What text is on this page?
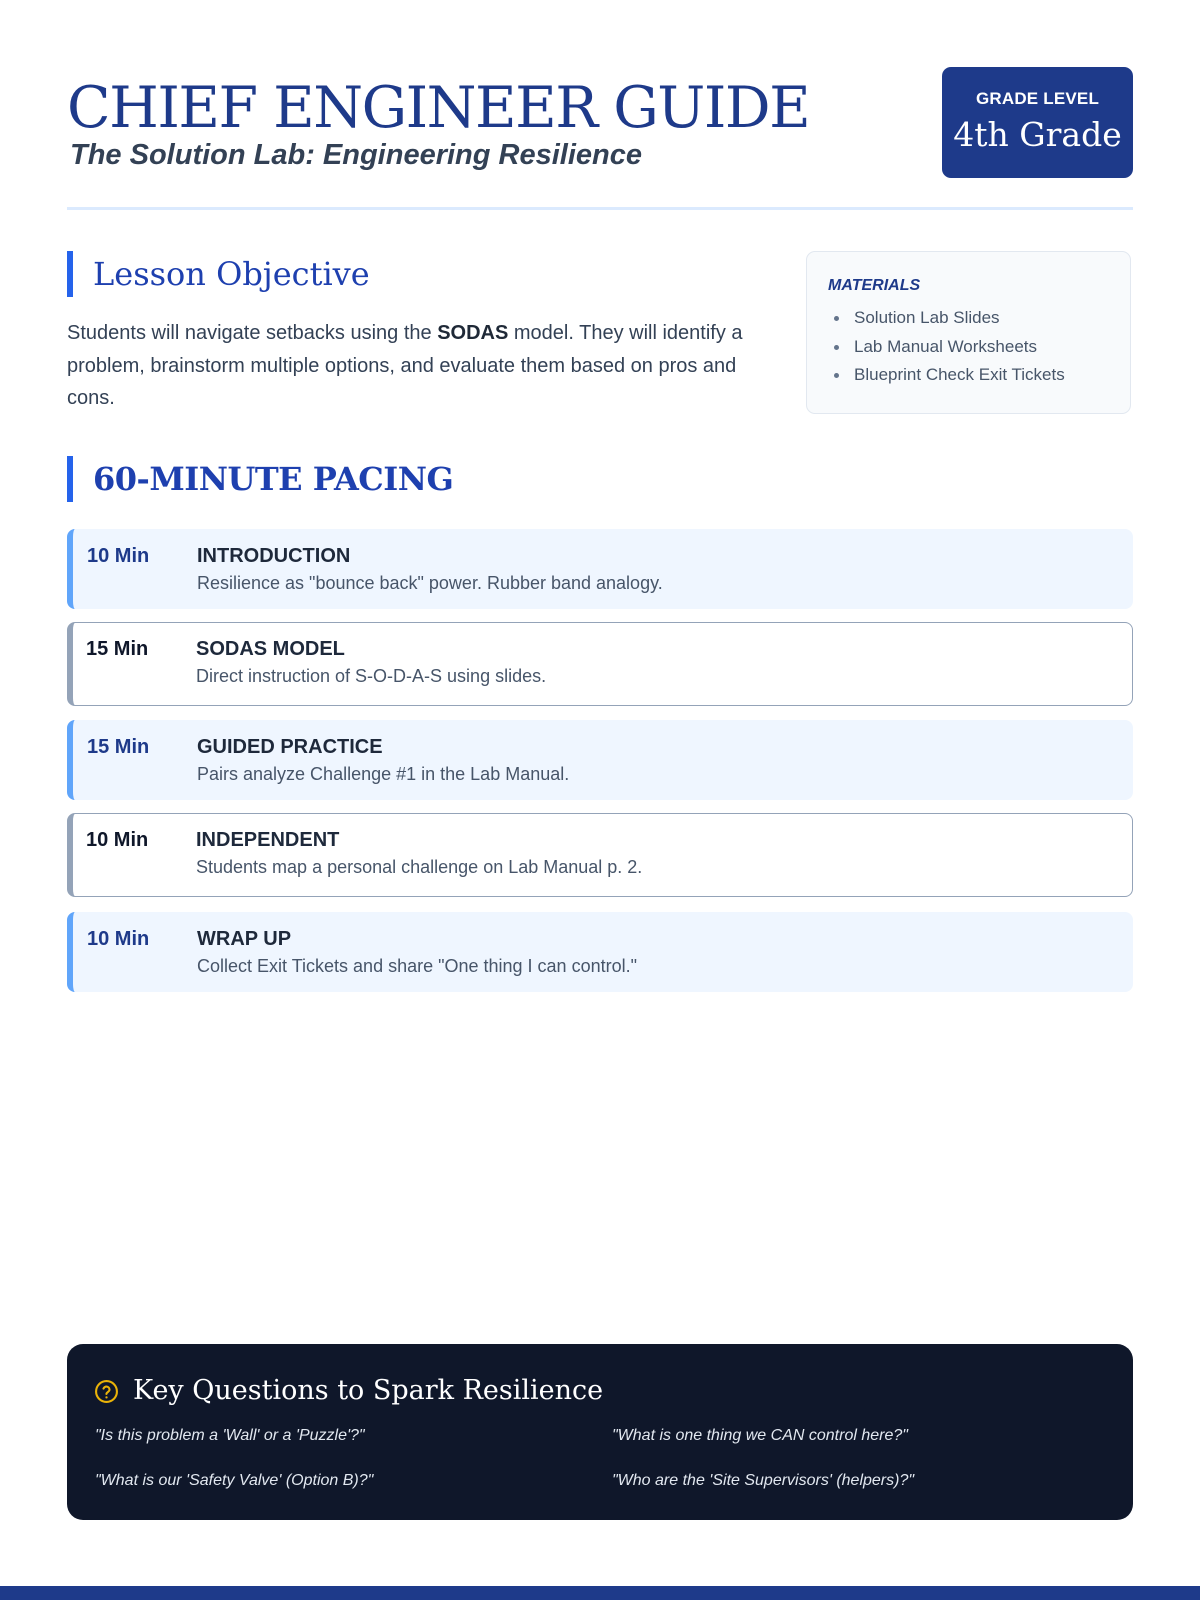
CHIEF ENGINEER GUIDE
The Solution Lab: Engineering Resilience
GRADE LEVEL
4th Grade
Lesson Objective

Students will navigate setbacks using the SODAS model. They will identify a problem, brainstorm multiple options, and evaluate them based on pros and cons.

MATERIALS
Solution Lab Slides
Lab Manual Worksheets
Blueprint Check Exit Tickets
60-MINUTE PACING
10 Min INTRODUCTION
Resilience as "bounce back" power. Rubber band analogy.
15 Min SODAS MODEL
Direct instruction of S-O-D-A-S using slides.
15 Min GUIDED PRACTICE
Pairs analyze Challenge #1 in the Lab Manual.
10 Min INDEPENDENT
Students map a personal challenge on Lab Manual p. 2.
10 Min WRAP UP
Collect Exit Tickets and share "One thing I can control."
Key Questions to Spark Resilience
"Is this problem a 'Wall' or a 'Puzzle'?"	"What is one thing we CAN control here?"
"What is our 'Safety Valve' (Option B)?"	"Who are the 'Site Supervisors' (helpers)?"
